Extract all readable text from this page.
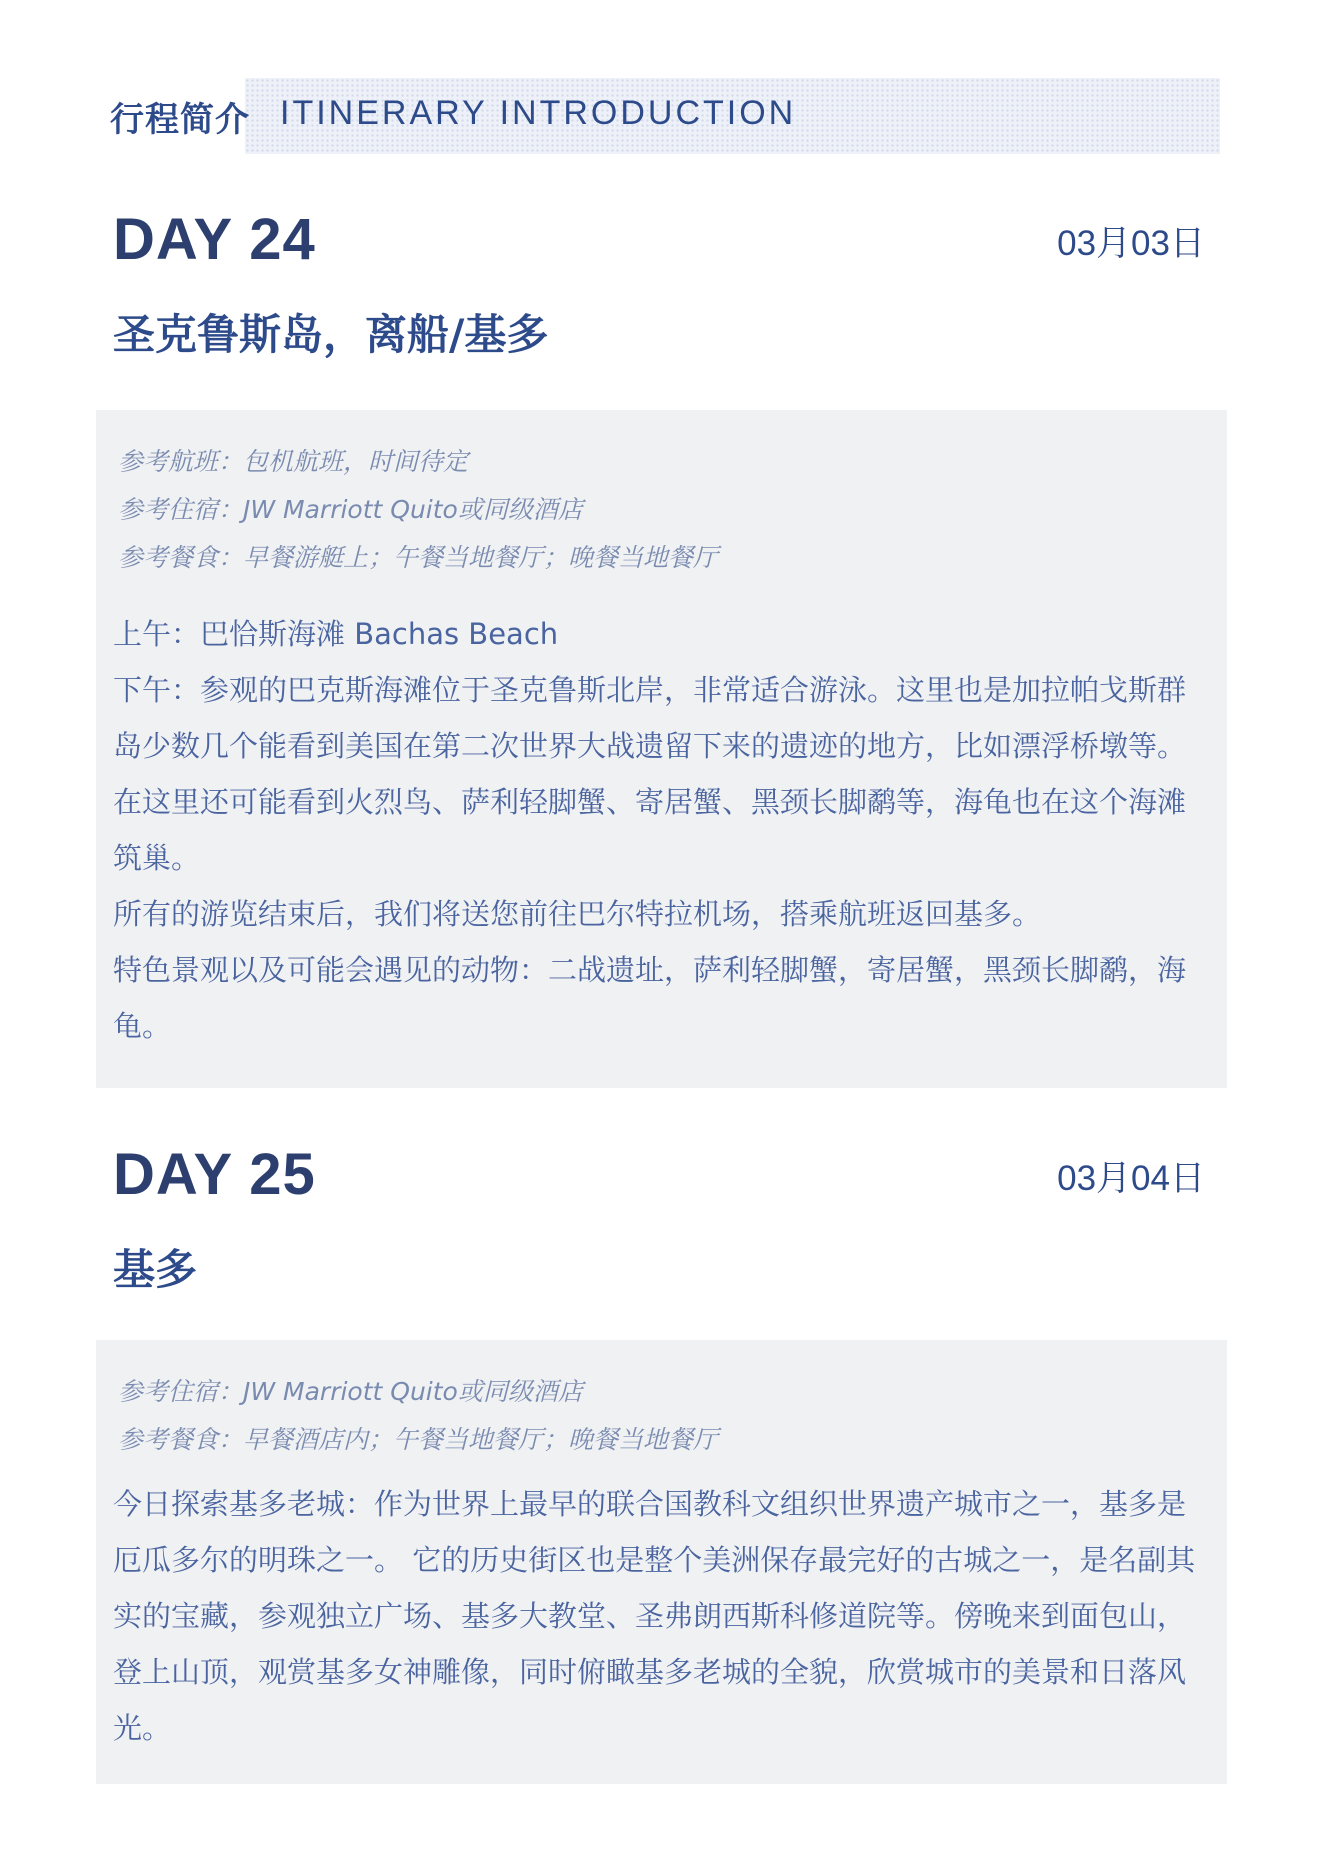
行程简介 ITINERARY INTRODUCTION
DAY 24	03月03日
圣克鲁斯岛，离船/基多
参考航班：包机航班，时间待定
参考住宿：JW Marriott Quito或同级酒店
参考餐食：早餐游艇上；午餐当地餐厅；晚餐当地餐厅

上午：巴恰斯海滩 Bachas Beach

下午：参观的巴克斯海滩位于圣克鲁斯北岸，非常适合游泳。这里也是加拉帕戈斯群岛少数几个能看到美国在第二次世界大战遗留下来的遗迹的地方，比如漂浮桥墩等。在这里还可能看到火烈鸟、萨利轻脚蟹、寄居蟹、黑颈长脚鹬等，海龟也在这个海滩筑巢。

所有的游览结束后，我们将送您前往巴尔特拉机场，搭乘航班返回基多。

特色景观以及可能会遇见的动物：二战遗址，萨利轻脚蟹，寄居蟹，黑颈长脚鹬，海龟。

DAY 25	03月04日
基多
参考住宿：JW Marriott Quito或同级酒店
参考餐食：早餐酒店内；午餐当地餐厅；晚餐当地餐厅

今日探索基多老城：作为世界上最早的联合国教科文组织世界遗产城市之一，基多是厄瓜多尔的明珠之一。 它的历史街区也是整个美洲保存最完好的古城之一，是名副其实的宝藏，参观独立广场、基多大教堂、圣弗朗西斯科修道院等。傍晚来到面包山，登上山顶，观赏基多女神雕像，同时俯瞰基多老城的全貌，欣赏城市的美景和日落风光。
